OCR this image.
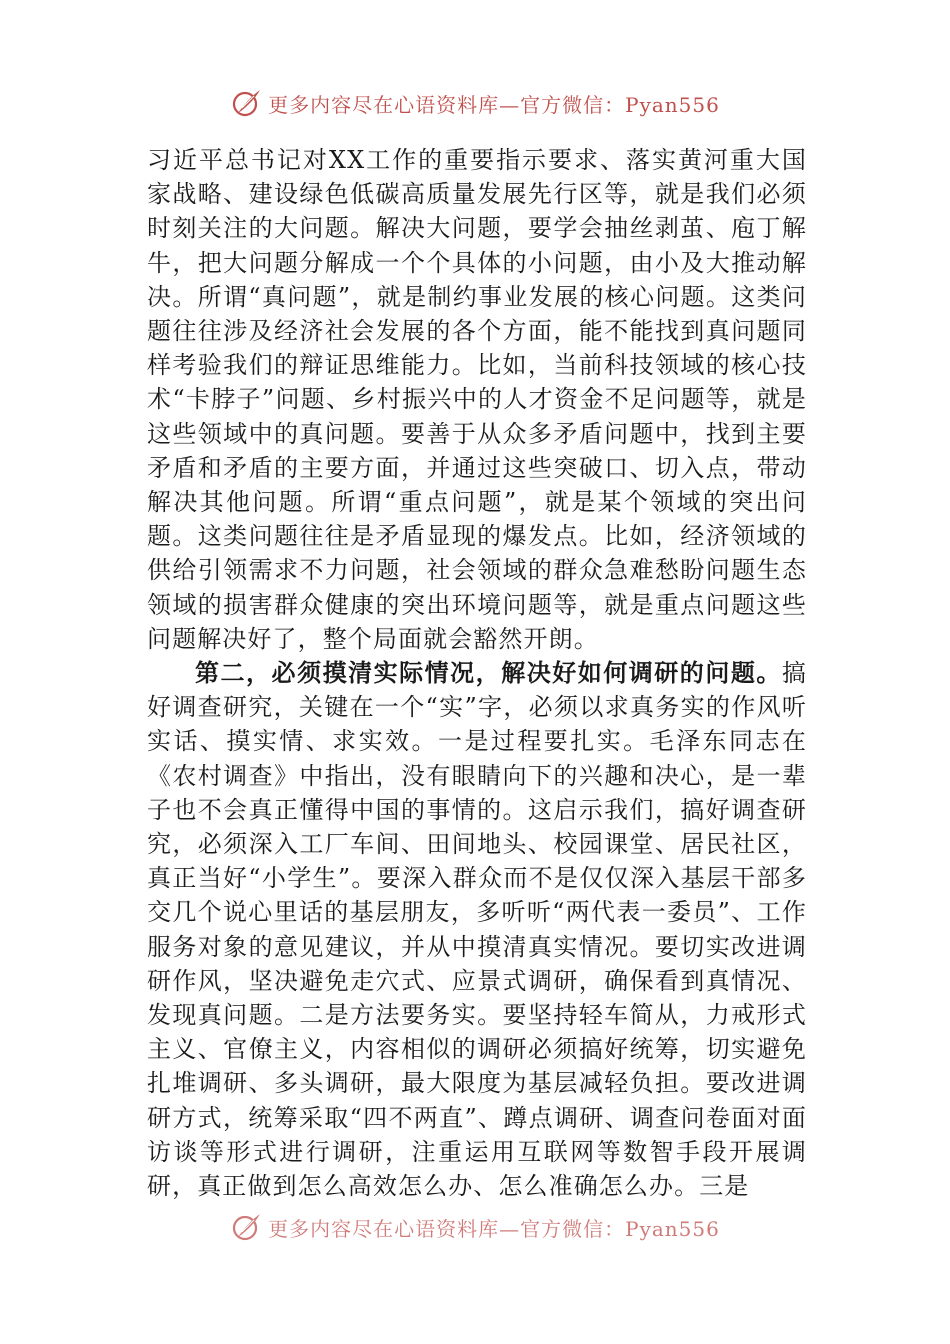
更多内容尽在心语资料库—官方微信：Pyan556

习近平总书记对XX工作的重要指示要求、落实黄河重大国家战略、建设绿色低碳高质量发展先行区等，就是我们必须时刻关注的大问题。解决大问题，要学会抽丝剥茧、庖丁解牛，把大问题分解成一个个具体的小问题，由小及大推动解决。所谓“真问题”，就是制约事业发展的核心问题。这类问题往往涉及经济社会发展的各个方面，能不能找到真问题同样考验我们的辩证思维能力。比如，当前科技领域的核心技术“卡脖子”问题、乡村振兴中的人才资金不足问题等，就是这些领域中的真问题。要善于从众多矛盾问题中，找到主要矛盾和矛盾的主要方面，并通过这些突破口、切入点，带动解决其他问题。所谓“重点问题”，就是某个领域的突出问题。这类问题往往是矛盾显现的爆发点。比如，经济领域的供给引领需求不力问题，社会领域的群众急难愁盼问题生态领域的损害群众健康的突出环境问题等，就是重点问题这些问题解决好了，整个局面就会豁然开朗。

第二，必须摸清实际情况，解决好如何调研的问题。搞好调查研究，关键在一个“实”字，必须以求真务实的作风听实话、摸实情、求实效。一是过程要扎实。毛泽东同志在《农村调查》中指出，没有眼睛向下的兴趣和决心，是一辈子也不会真正懂得中国的事情的。这启示我们，搞好调查研究，必须深入工厂车间、田间地头、校园课堂、居民社区，真正当好“小学生”。要深入群众而不是仅仅深入基层干部多交几个说心里话的基层朋友，多听听“两代表一委员”、工作服务对象的意见建议，并从中摸清真实情况。要切实改进调研作风，坚决避免走穴式、应景式调研，确保看到真情况、发现真问题。二是方法要务实。要坚持轻车简从，力戒形式主义、官僚主义，内容相似的调研必须搞好统筹，切实避免扎堆调研、多头调研，最大限度为基层减轻负担。要改进调研方式，统筹采取“四不两直”、蹲点调研、调查问卷面对面访谈等形式进行调研，注重运用互联网等数智手段开展调研，真正做到怎么高效怎么办、怎么准确怎么办。三是

更多内容尽在心语资料库—官方微信：Pyan556
